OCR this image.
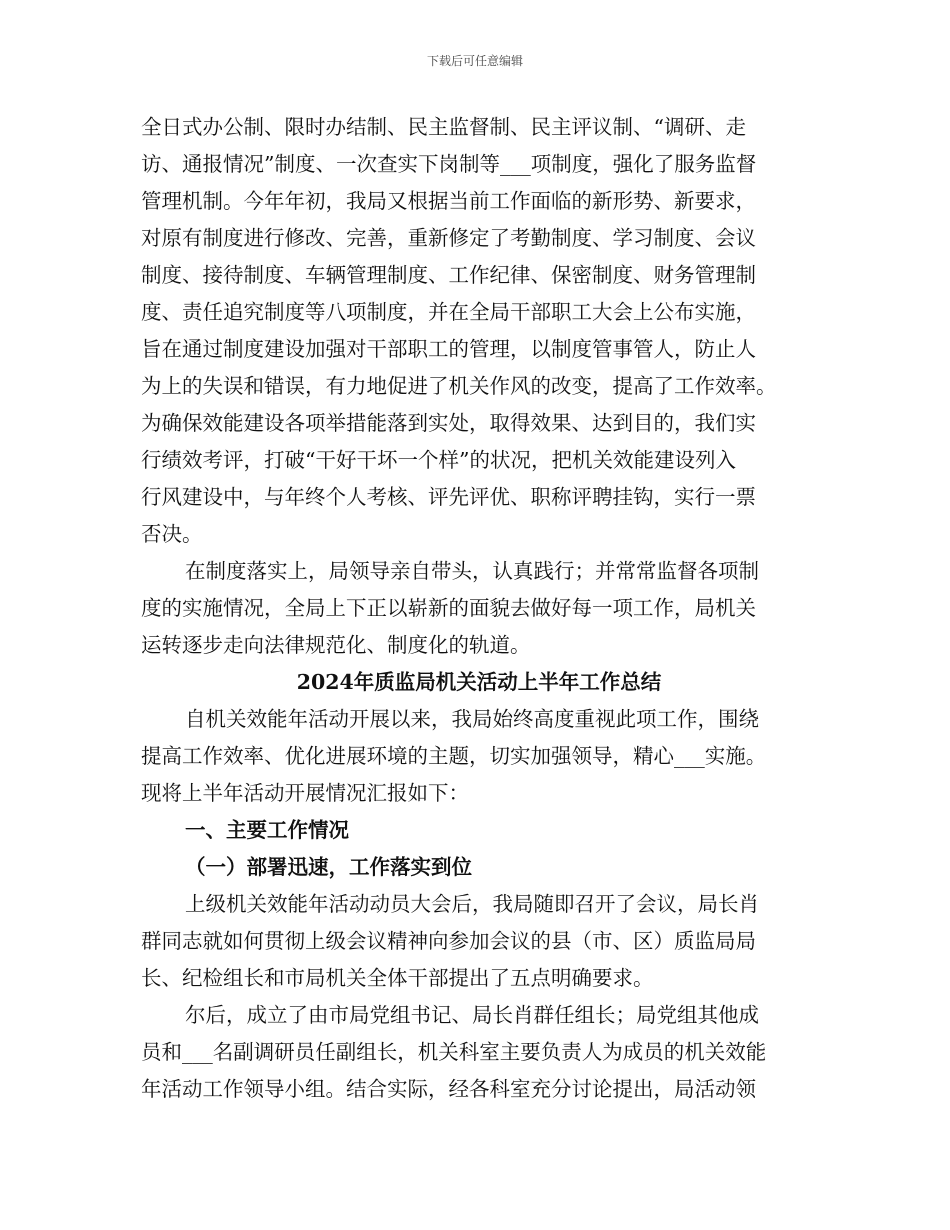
下载后可任意编辑
全日式办公制、限时办结制、民主监督制、民主评议制、“调研、走
访、通报情况”制度、一次查实下岗制等___项制度，强化了服务监督
管理机制。今年年初，我局又根据当前工作面临的新形势、新要求，
对原有制度进行修改、完善，重新修定了考勤制度、学习制度、会议
制度、接待制度、车辆管理制度、工作纪律、保密制度、财务管理制
度、责任追究制度等八项制度，并在全局干部职工大会上公布实施，
旨在通过制度建设加强对干部职工的管理，以制度管事管人，防止人
为上的失误和错误，有力地促进了机关作风的改变，提高了工作效率。
为确保效能建设各项举措能落到实处，取得效果、达到目的，我们实
行绩效考评，打破“干好干坏一个样”的状况，把机关效能建设列入
行风建设中，与年终个人考核、评先评优、职称评聘挂钩，实行一票
否决。
在制度落实上，局领导亲自带头，认真践行；并常常监督各项制
度的实施情况，全局上下正以崭新的面貌去做好每一项工作，局机关
运转逐步走向法律规范化、制度化的轨道。
2024年质监局机关活动上半年工作总结
自机关效能年活动开展以来，我局始终高度重视此项工作，围绕
提高工作效率、优化进展环境的主题，切实加强领导，精心___实施。
现将上半年活动开展情况汇报如下：
一、主要工作情况
（一）部署迅速，工作落实到位
上级机关效能年活动动员大会后，我局随即召开了会议，局长肖
群同志就如何贯彻上级会议精神向参加会议的县（市、区）质监局局
长、纪检组长和市局机关全体干部提出了五点明确要求。
尔后，成立了由市局党组书记、局长肖群任组长；局党组其他成
员和___名副调研员任副组长，机关科室主要负责人为成员的机关效能
年活动工作领导小组。结合实际，经各科室充分讨论提出，局活动领
